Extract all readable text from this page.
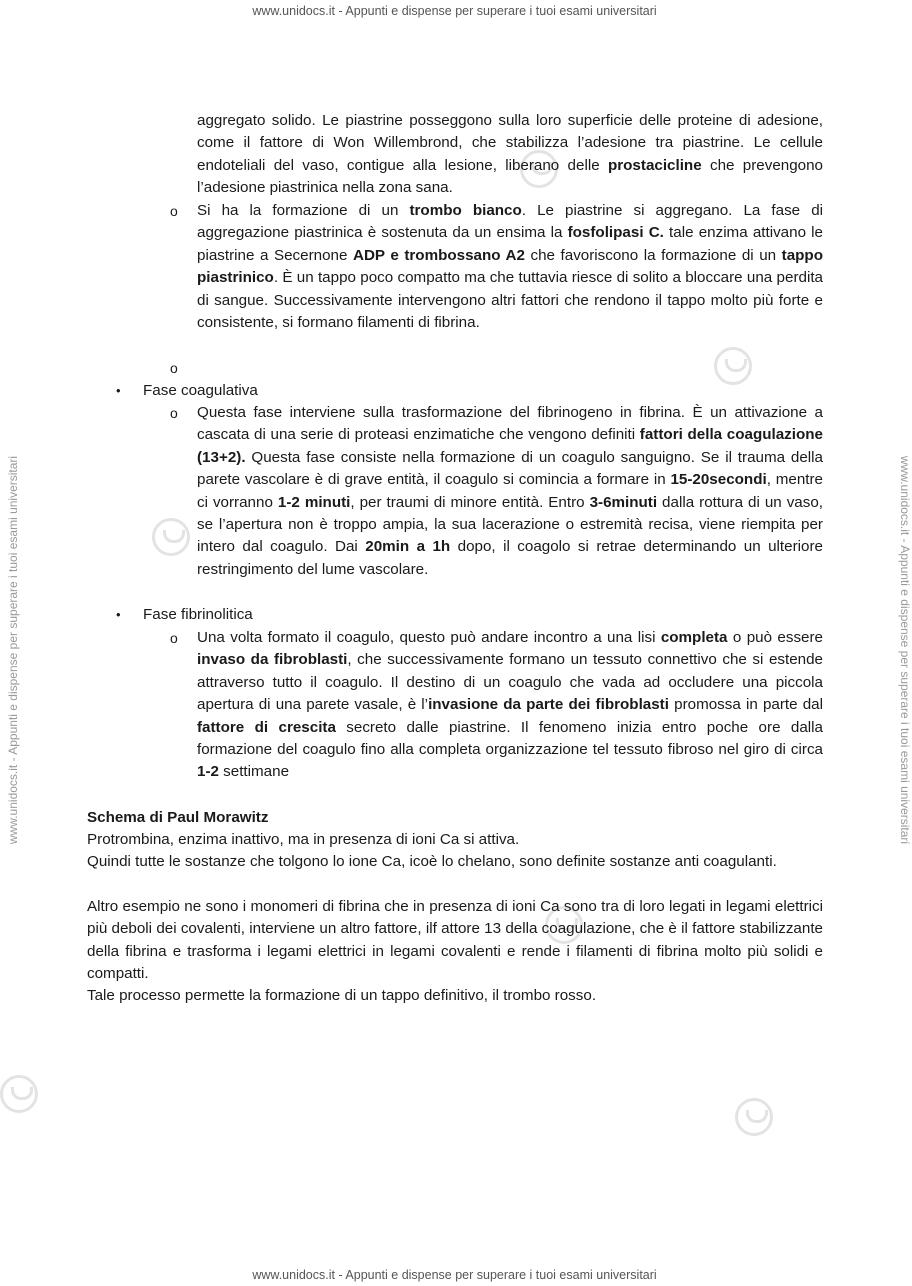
www.unidocs.it - Appunti e dispense per superare i tuoi esami universitari
www.unidocs.it - Appunti e dispense per superare i tuoi esami universitari
www.unidocs.it - Appunti e dispense per superare i tuoi esami universitari	www.unidocs.it - Appunti e dispense per superare i tuoi esami universitari

aggregato solido. Le piastrine posseggono sulla loro superficie delle proteine di adesione, come il fattore di Won Willembrond, che stabilizza l’adesione tra piastrine. Le cellule endoteliali del vaso, contigue alla lesione, liberano delle prostacicline che prevengono l’adesione piastrinica nella zona sana.

o Si ha la formazione di un trombo bianco. Le piastrine si aggregano. La fase di aggregazione piastrinica è sostenuta da un ensima la fosfolipasi C. tale enzima attivano le piastrine a Secernone ADP e trombossano A2 che favoriscono la formazione di un tappo piastrinico. È un tappo poco compatto ma che tuttavia riesce di solito a bloccare una perdita di sangue. Successivamente intervengono altri fattori che rendono il tappo molto più forte e consistente, si formano filamenti di fibrina.

o
• Fase coagulativa

o Questa fase interviene sulla trasformazione del fibrinogeno in fibrina. È un attivazione a cascata di una serie di proteasi enzimatiche che vengono definiti fattori della coagulazione (13+2). Questa fase consiste nella formazione di un coagulo sanguigno. Se il trauma della parete vascolare è di grave entità, il coagulo si comincia a formare in 15-20secondi, mentre ci vorranno 1-2 minuti, per traumi di minore entità. Entro 3-6minuti dalla rottura di un vaso, se l’apertura non è troppo ampia, la sua lacerazione o estremità recisa, viene riempita per intero dal coagulo. Dai 20min a 1h dopo, il coagolo si retrae determinando un ulteriore restringimento del lume vascolare.

• Fase fibrinolitica

o Una volta formato il coagulo, questo può andare incontro a una lisi completa o può essere invaso da fibroblasti, che successivamente formano un tessuto connettivo che si estende attraverso tutto il coagulo. Il destino di un coagulo che vada ad occludere una piccola apertura di una parete vasale, è l’invasione da parte dei fibroblasti promossa in parte dal fattore di crescita secreto dalle piastrine. Il fenomeno inizia entro poche ore dalla formazione del coagulo fino alla completa organizzazione tel tessuto fibroso nel giro di circa 1-2 settimane

Schema di Paul Morawitz

Protrombina, enzima inattivo, ma in presenza di ioni Ca si attiva.

Quindi tutte le sostanze che tolgono lo ione Ca, icoè lo chelano, sono definite sostanze anti coagulanti.

Altro esempio ne sono i monomeri di fibrina che in presenza di ioni Ca sono tra di loro legati in legami elettrici più deboli dei covalenti, interviene un altro fattore, ilf attore 13 della coagulazione, che è il fattore stabilizzante della fibrina e trasforma i legami elettrici in legami covalenti e rende i filamenti di fibrina molto più solidi e compatti.

Tale processo permette la formazione di un tappo definitivo, il trombo rosso.
